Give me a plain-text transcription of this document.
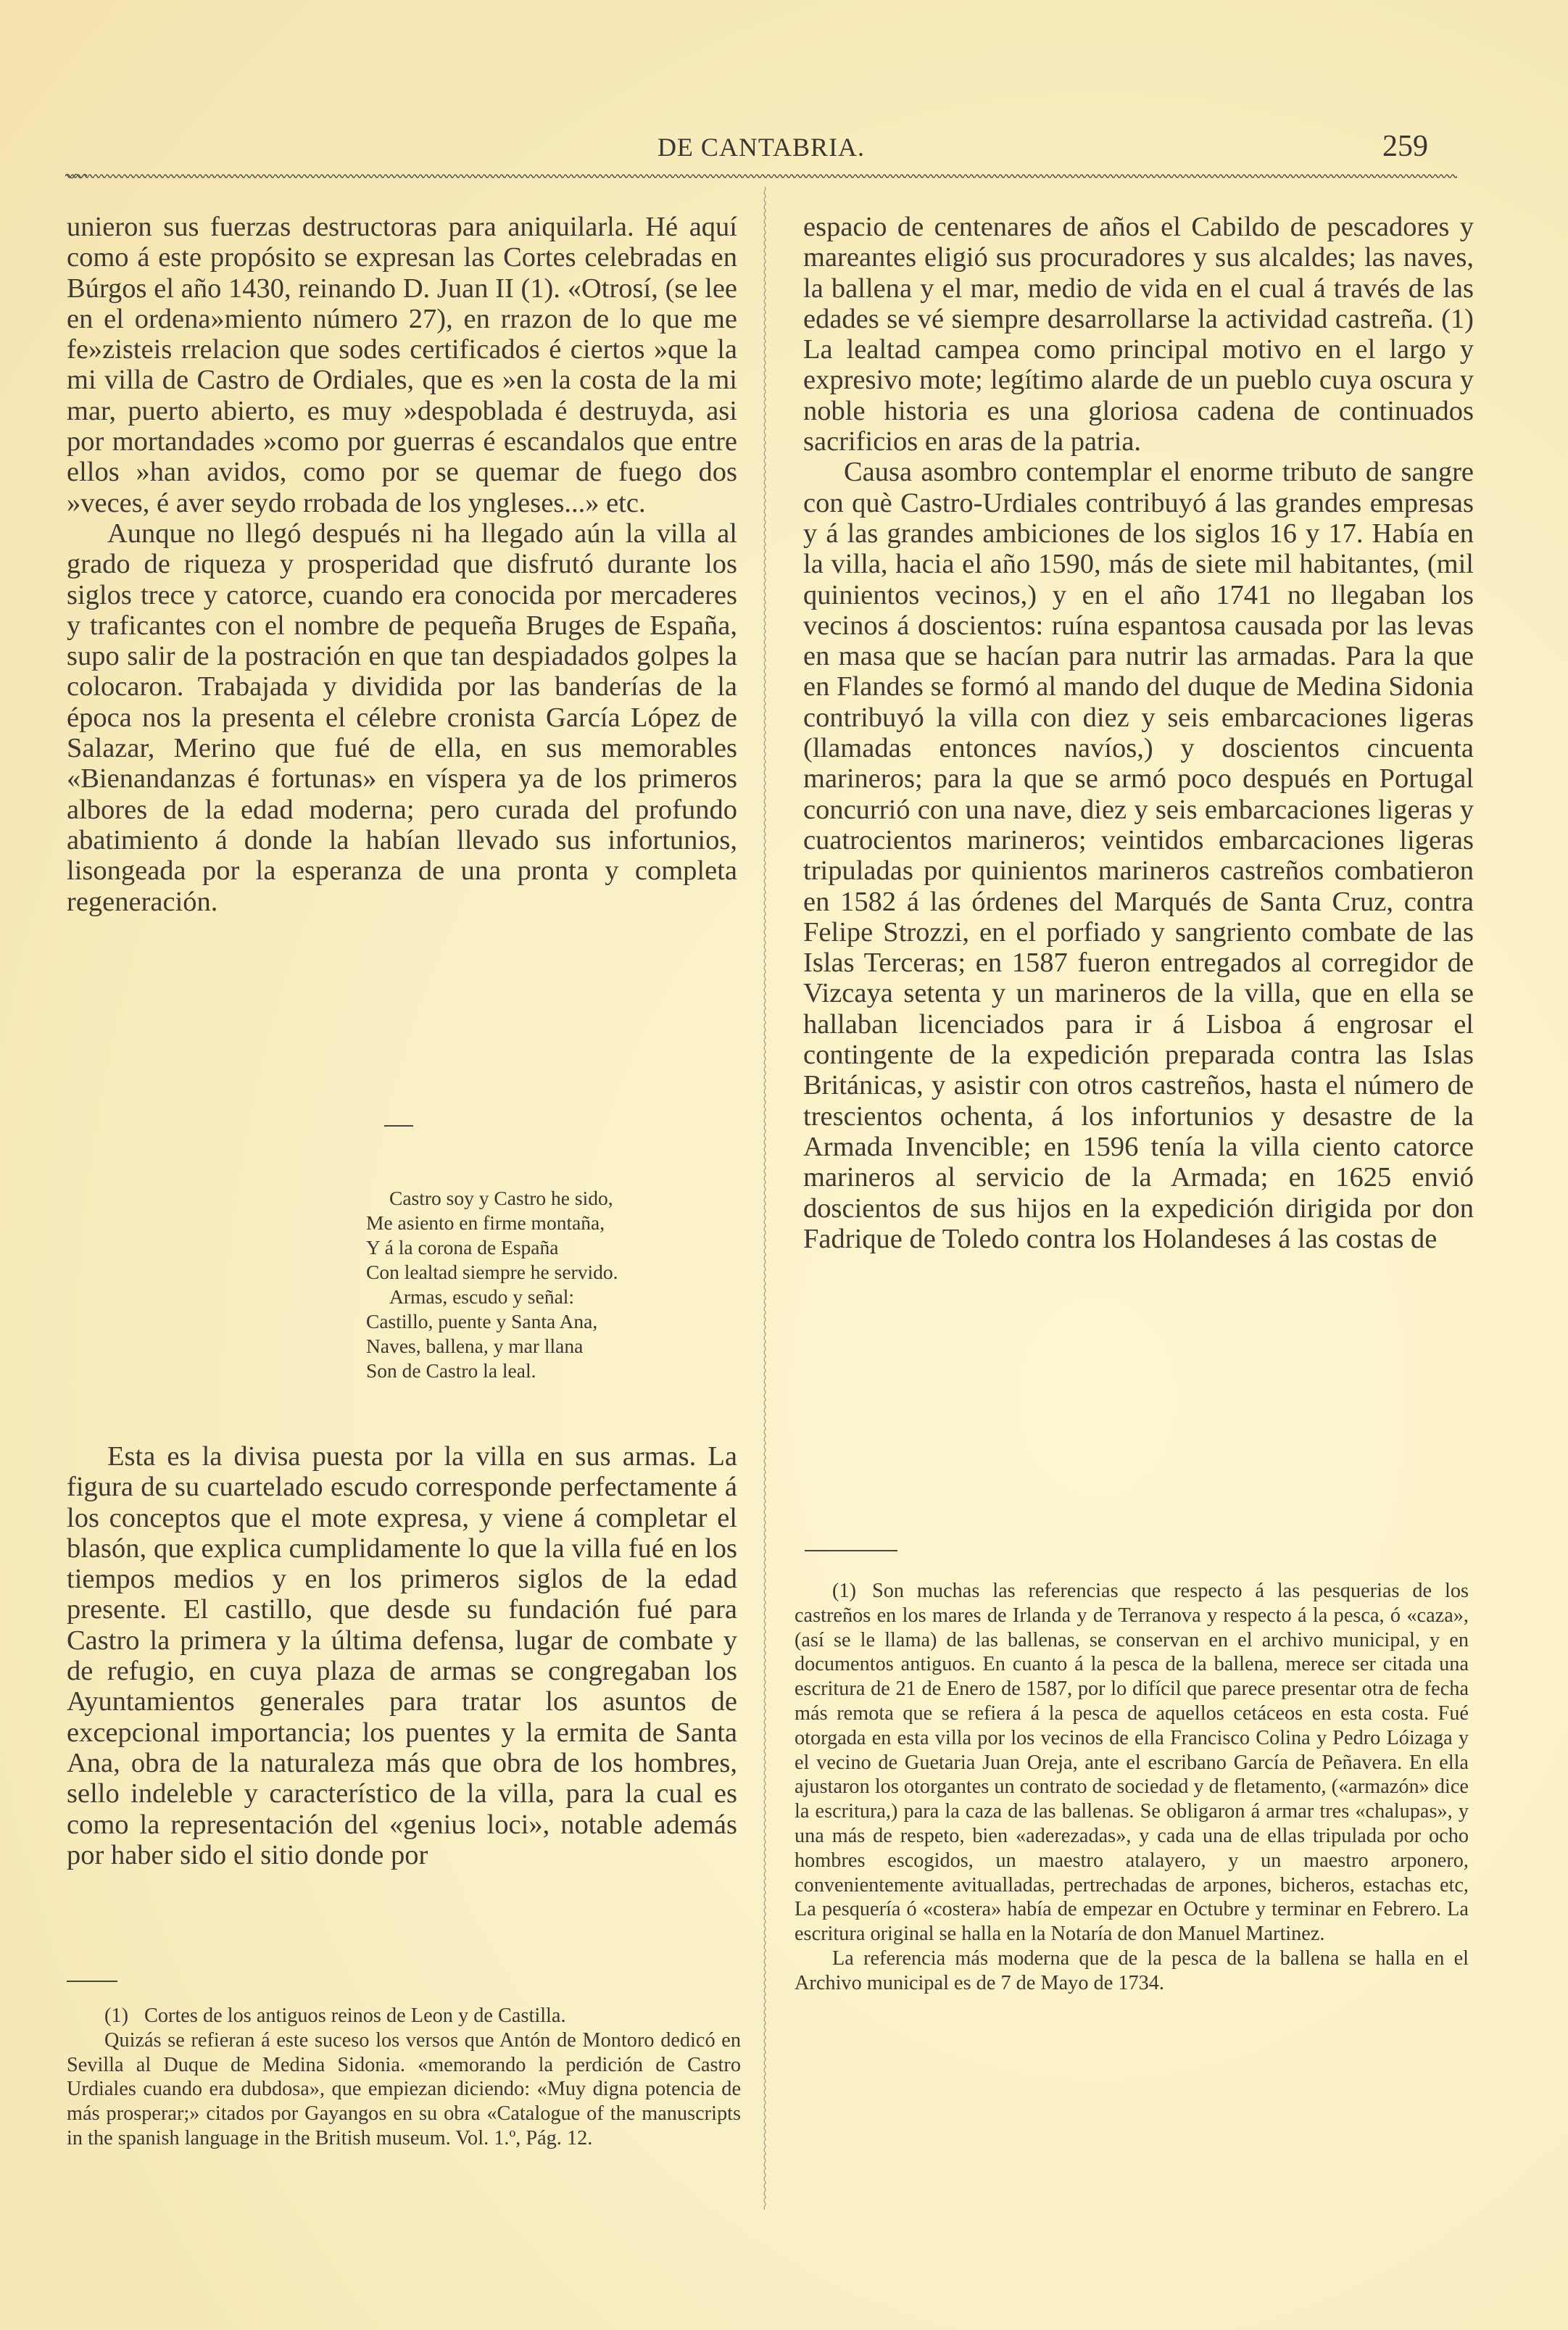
DE CANTABRIA.	259

unieron sus fuerzas destructoras para aniquilarla. Hé aquí como á este propósito se expresan las Cortes celebradas en Búrgos el año 1430, reinando D. Juan II (1). «Otrosí, (se lee en el ordena»miento número 27), en rrazon de lo que me fe»zisteis rrelacion que sodes certificados é ciertos »que la mi villa de Castro de Ordiales, que es »en la costa de la mi mar, puerto abierto, es muy »despoblada é destruyda, asi por mortandades »como por guerras é escandalos que entre ellos »han avidos, como por se quemar de fuego dos »veces, é aver seydo rrobada de los yngleses...» etc.

Aunque no llegó después ni ha llegado aún la villa al grado de riqueza y prosperidad que disfrutó durante los siglos trece y catorce, cuando era conocida por mercaderes y traficantes con el nombre de pequeña Bruges de España, supo salir de la postración en que tan despiadados golpes la colocaron. Trabajada y dividida por las banderías de la época nos la presenta el célebre cronista García López de Salazar, Merino que fué de ella, en sus memorables «Bienandanzas é fortunas» en víspera ya de los primeros albores de la edad moderna; pero curada del profundo abatimiento á donde la habían llevado sus infortunios, lisongeada por la esperanza de una pronta y completa regeneración.

Castro soy y Castro he sido,
Me asiento en firme montaña,
Y á la corona de España
Con lealtad siempre he servido.
Armas, escudo y señal:
Castillo, puente y Santa Ana,
Naves, ballena, y mar llana
Son de Castro la leal.

Esta es la divisa puesta por la villa en sus armas. La figura de su cuartelado escudo corresponde perfectamente á los conceptos que el mote expresa, y viene á completar el blasón, que explica cumplidamente lo que la villa fué en los tiempos medios y en los primeros siglos de la edad presente. El castillo, que desde su fundación fué para Castro la primera y la última defensa, lugar de combate y de refugio, en cuya plaza de armas se congregaban los Ayuntamientos generales para tratar los asuntos de excepcional importancia; los puentes y la ermita de Santa Ana, obra de la naturaleza más que obra de los hombres, sello indeleble y característico de la villa, para la cual es como la representación del «genius loci», notable además por haber sido el sitio donde por

(1) Cortes de los antiguos reinos de Leon y de Castilla.

Quizás se refieran á este suceso los versos que Antón de Montoro dedicó en Sevilla al Duque de Medina Sidonia. «memorando la perdición de Castro Urdiales cuando era dubdosa», que empiezan diciendo: «Muy digna potencia de más prosperar;» citados por Gayangos en su obra «Catalogue of the manuscripts in the spanish language in the British museum. Vol. 1.º, Pág. 12.

espacio de centenares de años el Cabildo de pescadores y mareantes eligió sus procuradores y sus alcaldes; las naves, la ballena y el mar, medio de vida en el cual á través de las edades se vé siempre desarrollarse la actividad castreña. (1) La lealtad campea como principal motivo en el largo y expresivo mote; legítimo alarde de un pueblo cuya oscura y noble historia es una gloriosa cadena de continuados sacrificios en aras de la patria.

Causa asombro contemplar el enorme tributo de sangre con què Castro-Urdiales contribuyó á las grandes empresas y á las grandes ambiciones de los siglos 16 y 17. Había en la villa, hacia el año 1590, más de siete mil habitantes, (mil quinientos vecinos,) y en el año 1741 no llegaban los vecinos á doscientos: ruína espantosa causada por las levas en masa que se hacían para nutrir las armadas. Para la que en Flandes se formó al mando del duque de Medina Sidonia contribuyó la villa con diez y seis embarcaciones ligeras (llamadas entonces navíos,) y doscientos cincuenta marineros; para la que se armó poco después en Portugal concurrió con una nave, diez y seis embarcaciones ligeras y cuatrocientos marineros; veintidos embarcaciones ligeras tripuladas por quinientos marineros castreños combatieron en 1582 á las órdenes del Marqués de Santa Cruz, contra Felipe Strozzi, en el porfiado y sangriento combate de las Islas Terceras; en 1587 fueron entregados al corregidor de Vizcaya setenta y un marineros de la villa, que en ella se hallaban licenciados para ir á Lisboa á engrosar el contingente de la expedición preparada contra las Islas Británicas, y asistir con otros castreños, hasta el número de trescientos ochenta, á los infortunios y desastre de la Armada Invencible; en 1596 tenía la villa ciento catorce marineros al servicio de la Armada; en 1625 envió doscientos de sus hijos en la expedición dirigida por don Fadrique de Toledo contra los Holandeses á las costas de

(1) Son muchas las referencias que respecto á las pesquerias de los castreños en los mares de Irlanda y de Terranova y respecto á la pesca, ó «caza», (así se le llama) de las ballenas, se conservan en el archivo municipal, y en documentos antiguos. En cuanto á la pesca de la ballena, merece ser citada una escritura de 21 de Enero de 1587, por lo difícil que parece presentar otra de fecha más remota que se refiera á la pesca de aquellos cetáceos en esta costa. Fué otorgada en esta villa por los vecinos de ella Francisco Colina y Pedro Lóizaga y el vecino de Guetaria Juan Oreja, ante el escribano García de Peñavera. En ella ajustaron los otorgantes un contrato de sociedad y de fletamento, («armazón» dice la escritura,) para la caza de las ballenas. Se obligaron á armar tres «chalupas», y una más de respeto, bien «aderezadas», y cada una de ellas tripulada por ocho hombres escogidos, un maestro atalayero, y un maestro arponero, convenientemente avitualladas, pertrechadas de arpones, bicheros, estachas etc, La pesquería ó «costera» había de empezar en Octubre y terminar en Febrero. La escritura original se halla en la Notaría de don Manuel Martinez.

La referencia más moderna que de la pesca de la ballena se halla en el Archivo municipal es de 7 de Mayo de 1734.
